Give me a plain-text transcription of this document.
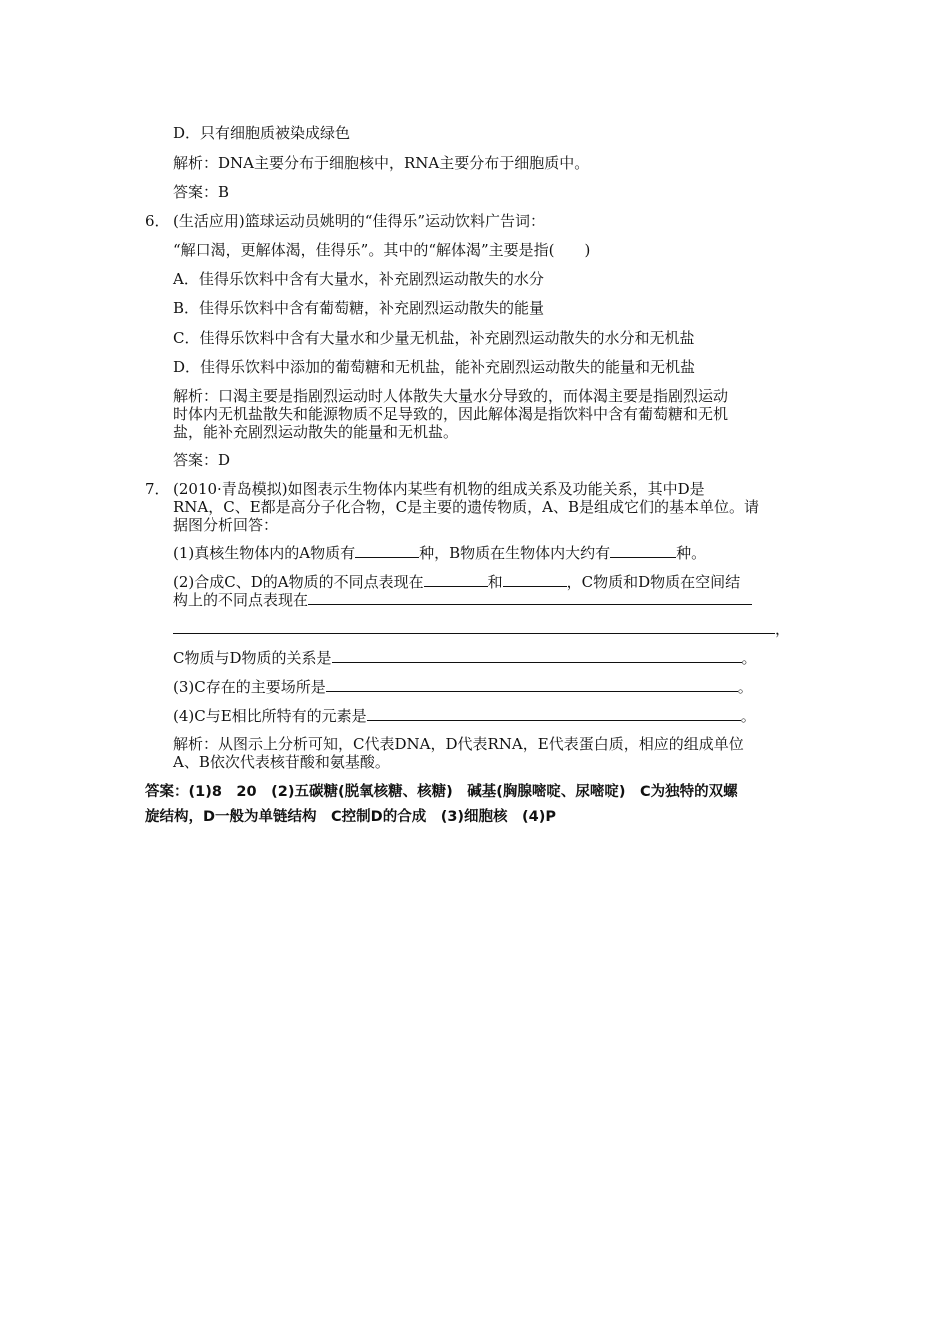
D．只有细胞质被染成绿色
解析：DNA主要分布于细胞核中，RNA主要分布于细胞质中。
答案：B
6． (生活应用)篮球运动员姚明的“佳得乐”运动饮料广告词：
“解口渴，更解体渴，佳得乐”。其中的“解体渴”主要是指(　　)
A．佳得乐饮料中含有大量水，补充剧烈运动散失的水分
B．佳得乐饮料中含有葡萄糖，补充剧烈运动散失的能量
C．佳得乐饮料中含有大量水和少量无机盐，补充剧烈运动散失的水分和无机盐
D．佳得乐饮料中添加的葡萄糖和无机盐，能补充剧烈运动散失的能量和无机盐
解析：口渴主要是指剧烈运动时人体散失大量水分导致的，而体渴主要是指剧烈运动
时体内无机盐散失和能源物质不足导致的，因此解体渴是指饮料中含有葡萄糖和无机
盐，能补充剧烈运动散失的能量和无机盐。
答案：D
7． (2010·青岛模拟)如图表示生物体内某些有机物的组成关系及功能关系，其中D是
RNA，C、E都是高分子化合物，C是主要的遗传物质，A、B是组成它们的基本单位。请
据图分析回答：
(1)真核生物体内的A物质有	种，B物质在生物体内大约有	种。
(2)合成C、D的A物质的不同点表现在	和	，C物质和D物质在空间结
构上的不同点表现在
，
C物质与D物质的关系是	。
(3)C存在的主要场所是	。
(4)C与E相比所特有的元素是	。
解析：从图示上分析可知，C代表DNA，D代表RNA，E代表蛋白质，相应的组成单位
A、B依次代表核苷酸和氨基酸。
答案：(1)8　20　(2)五碳糖(脱氧核糖、核糖)　碱基(胸腺嘧啶、尿嘧啶)　C为独特的双螺
旋结构，D一般为单链结构　C控制D的合成　(3)细胞核　(4)P
